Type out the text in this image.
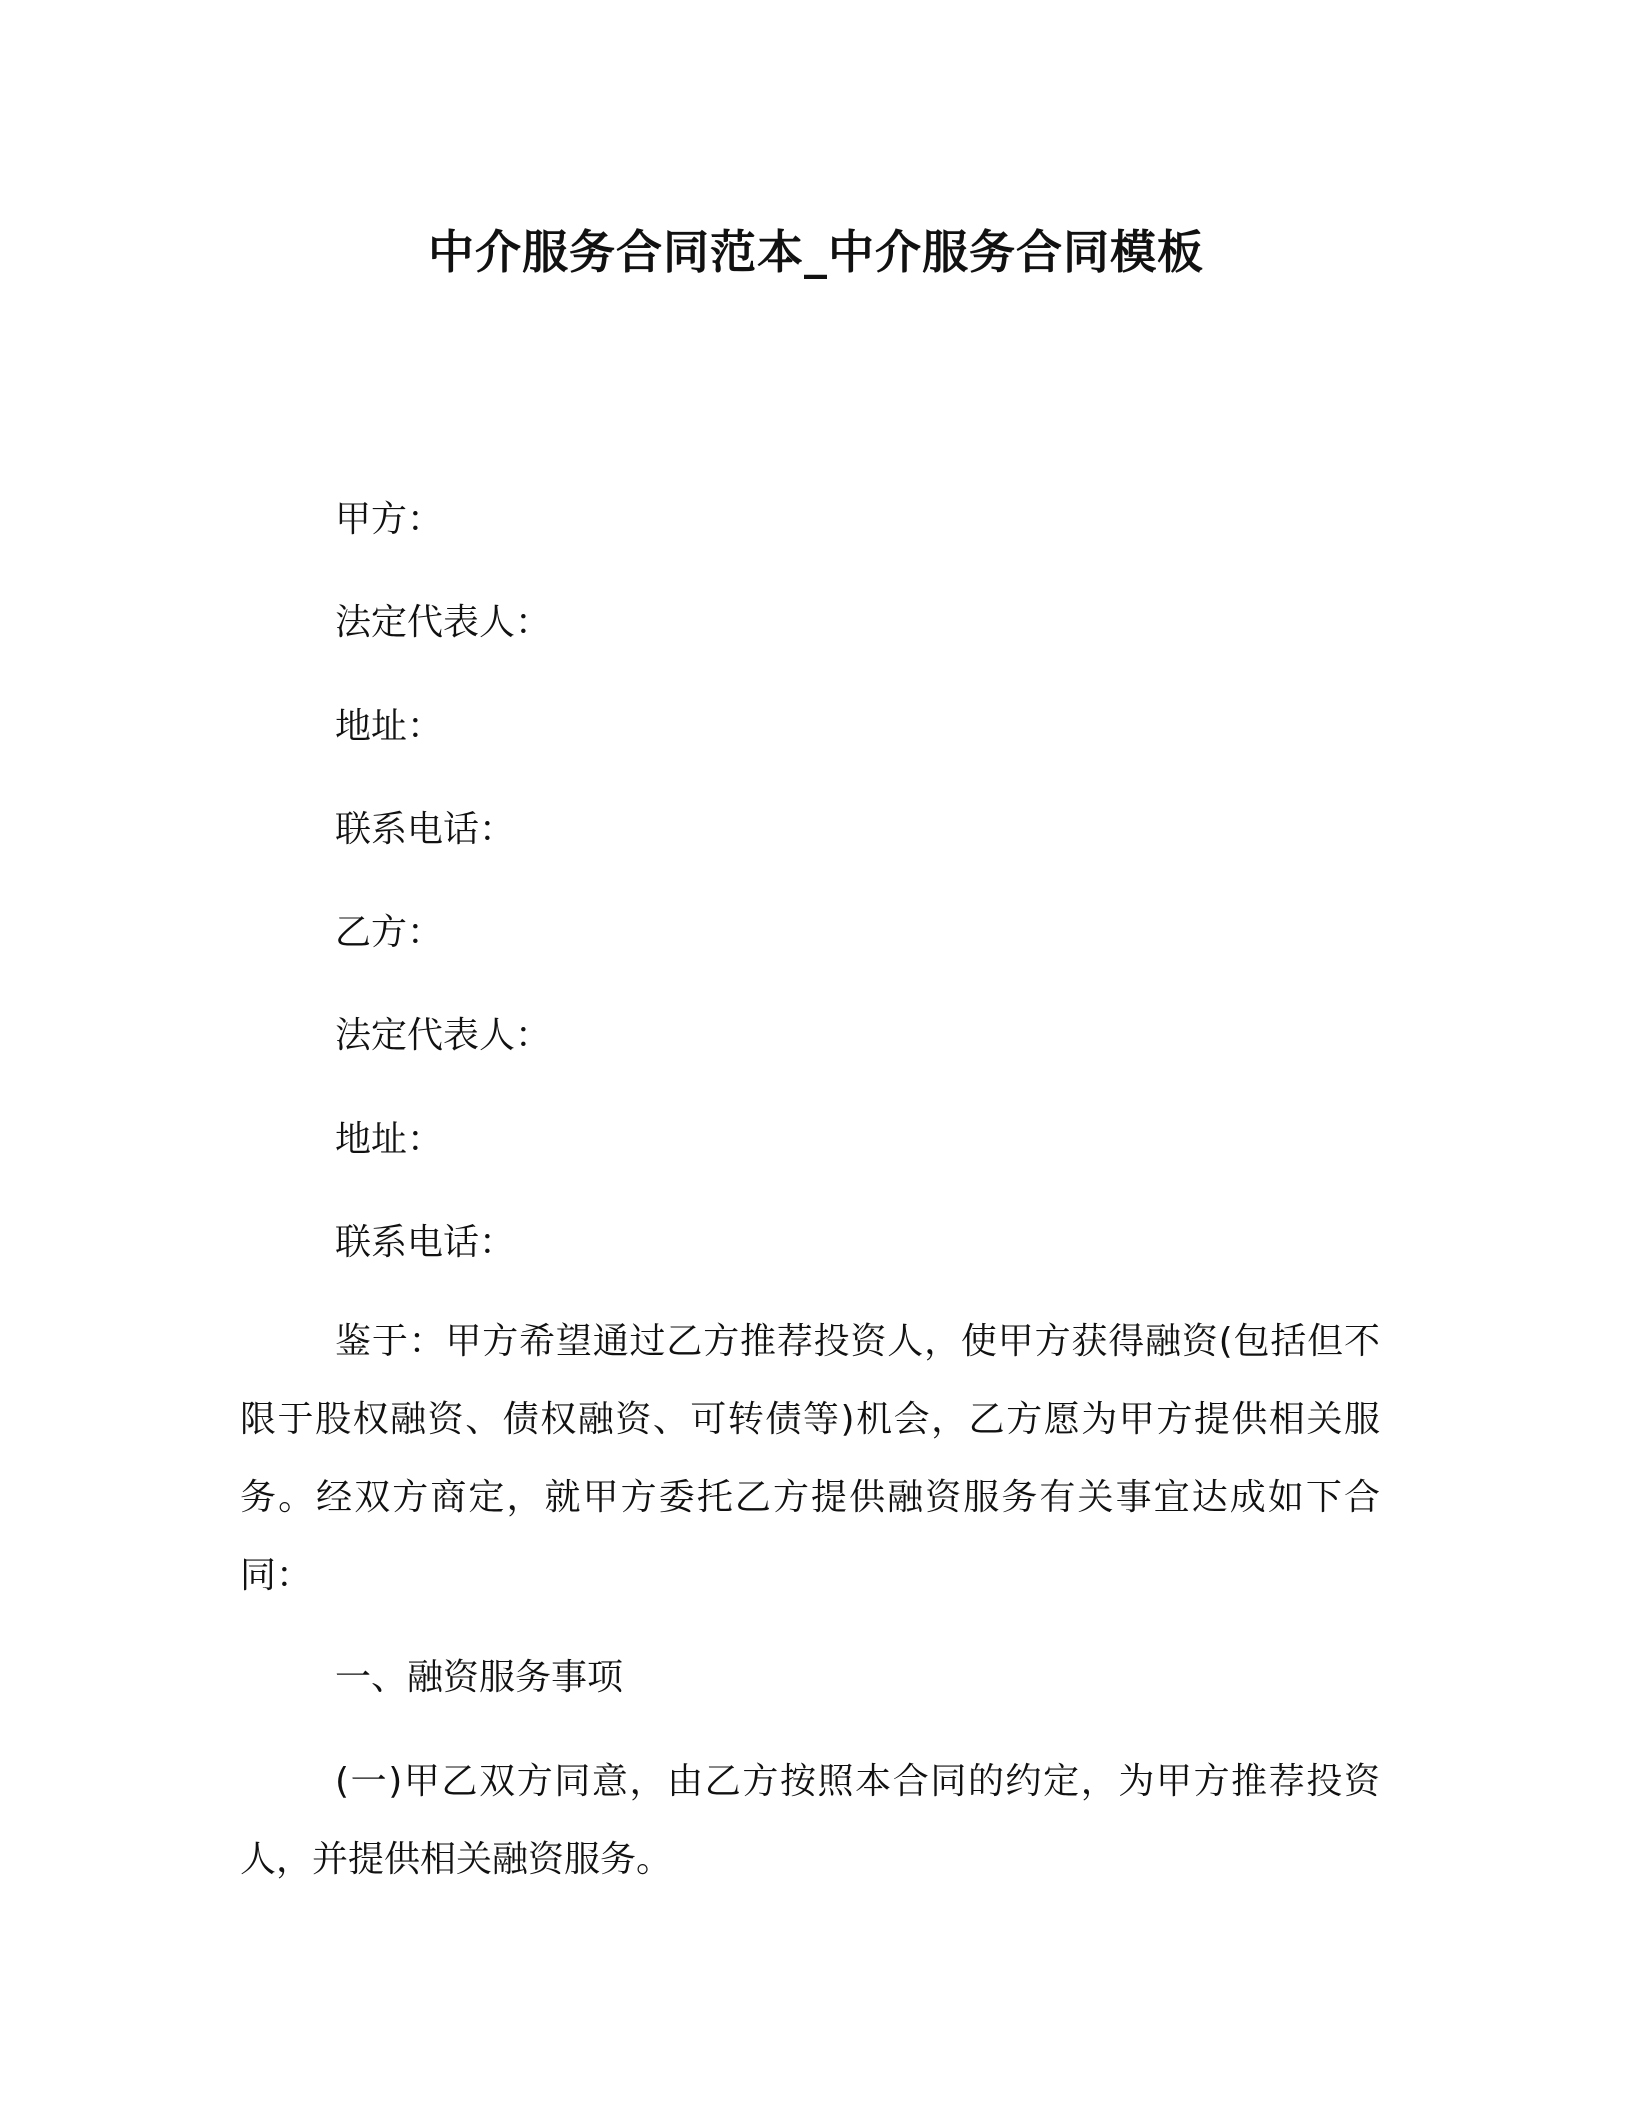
中介服务合同范本_中介服务合同模板
甲方：
法定代表人：
地址：
联系电话：
乙方：
法定代表人：
地址：
联系电话：
鉴于：甲方希望通过乙方推荐投资人，使甲方获得融资(包括但不限于股权融资、债权融资、可转债等)机会，乙方愿为甲方提供相关服务。经双方商定，就甲方委托乙方提供融资服务有关事宜达成如下合同：
一、融资服务事项
(一)甲乙双方同意，由乙方按照本合同的约定，为甲方推荐投资人，并提供相关融资服务。
